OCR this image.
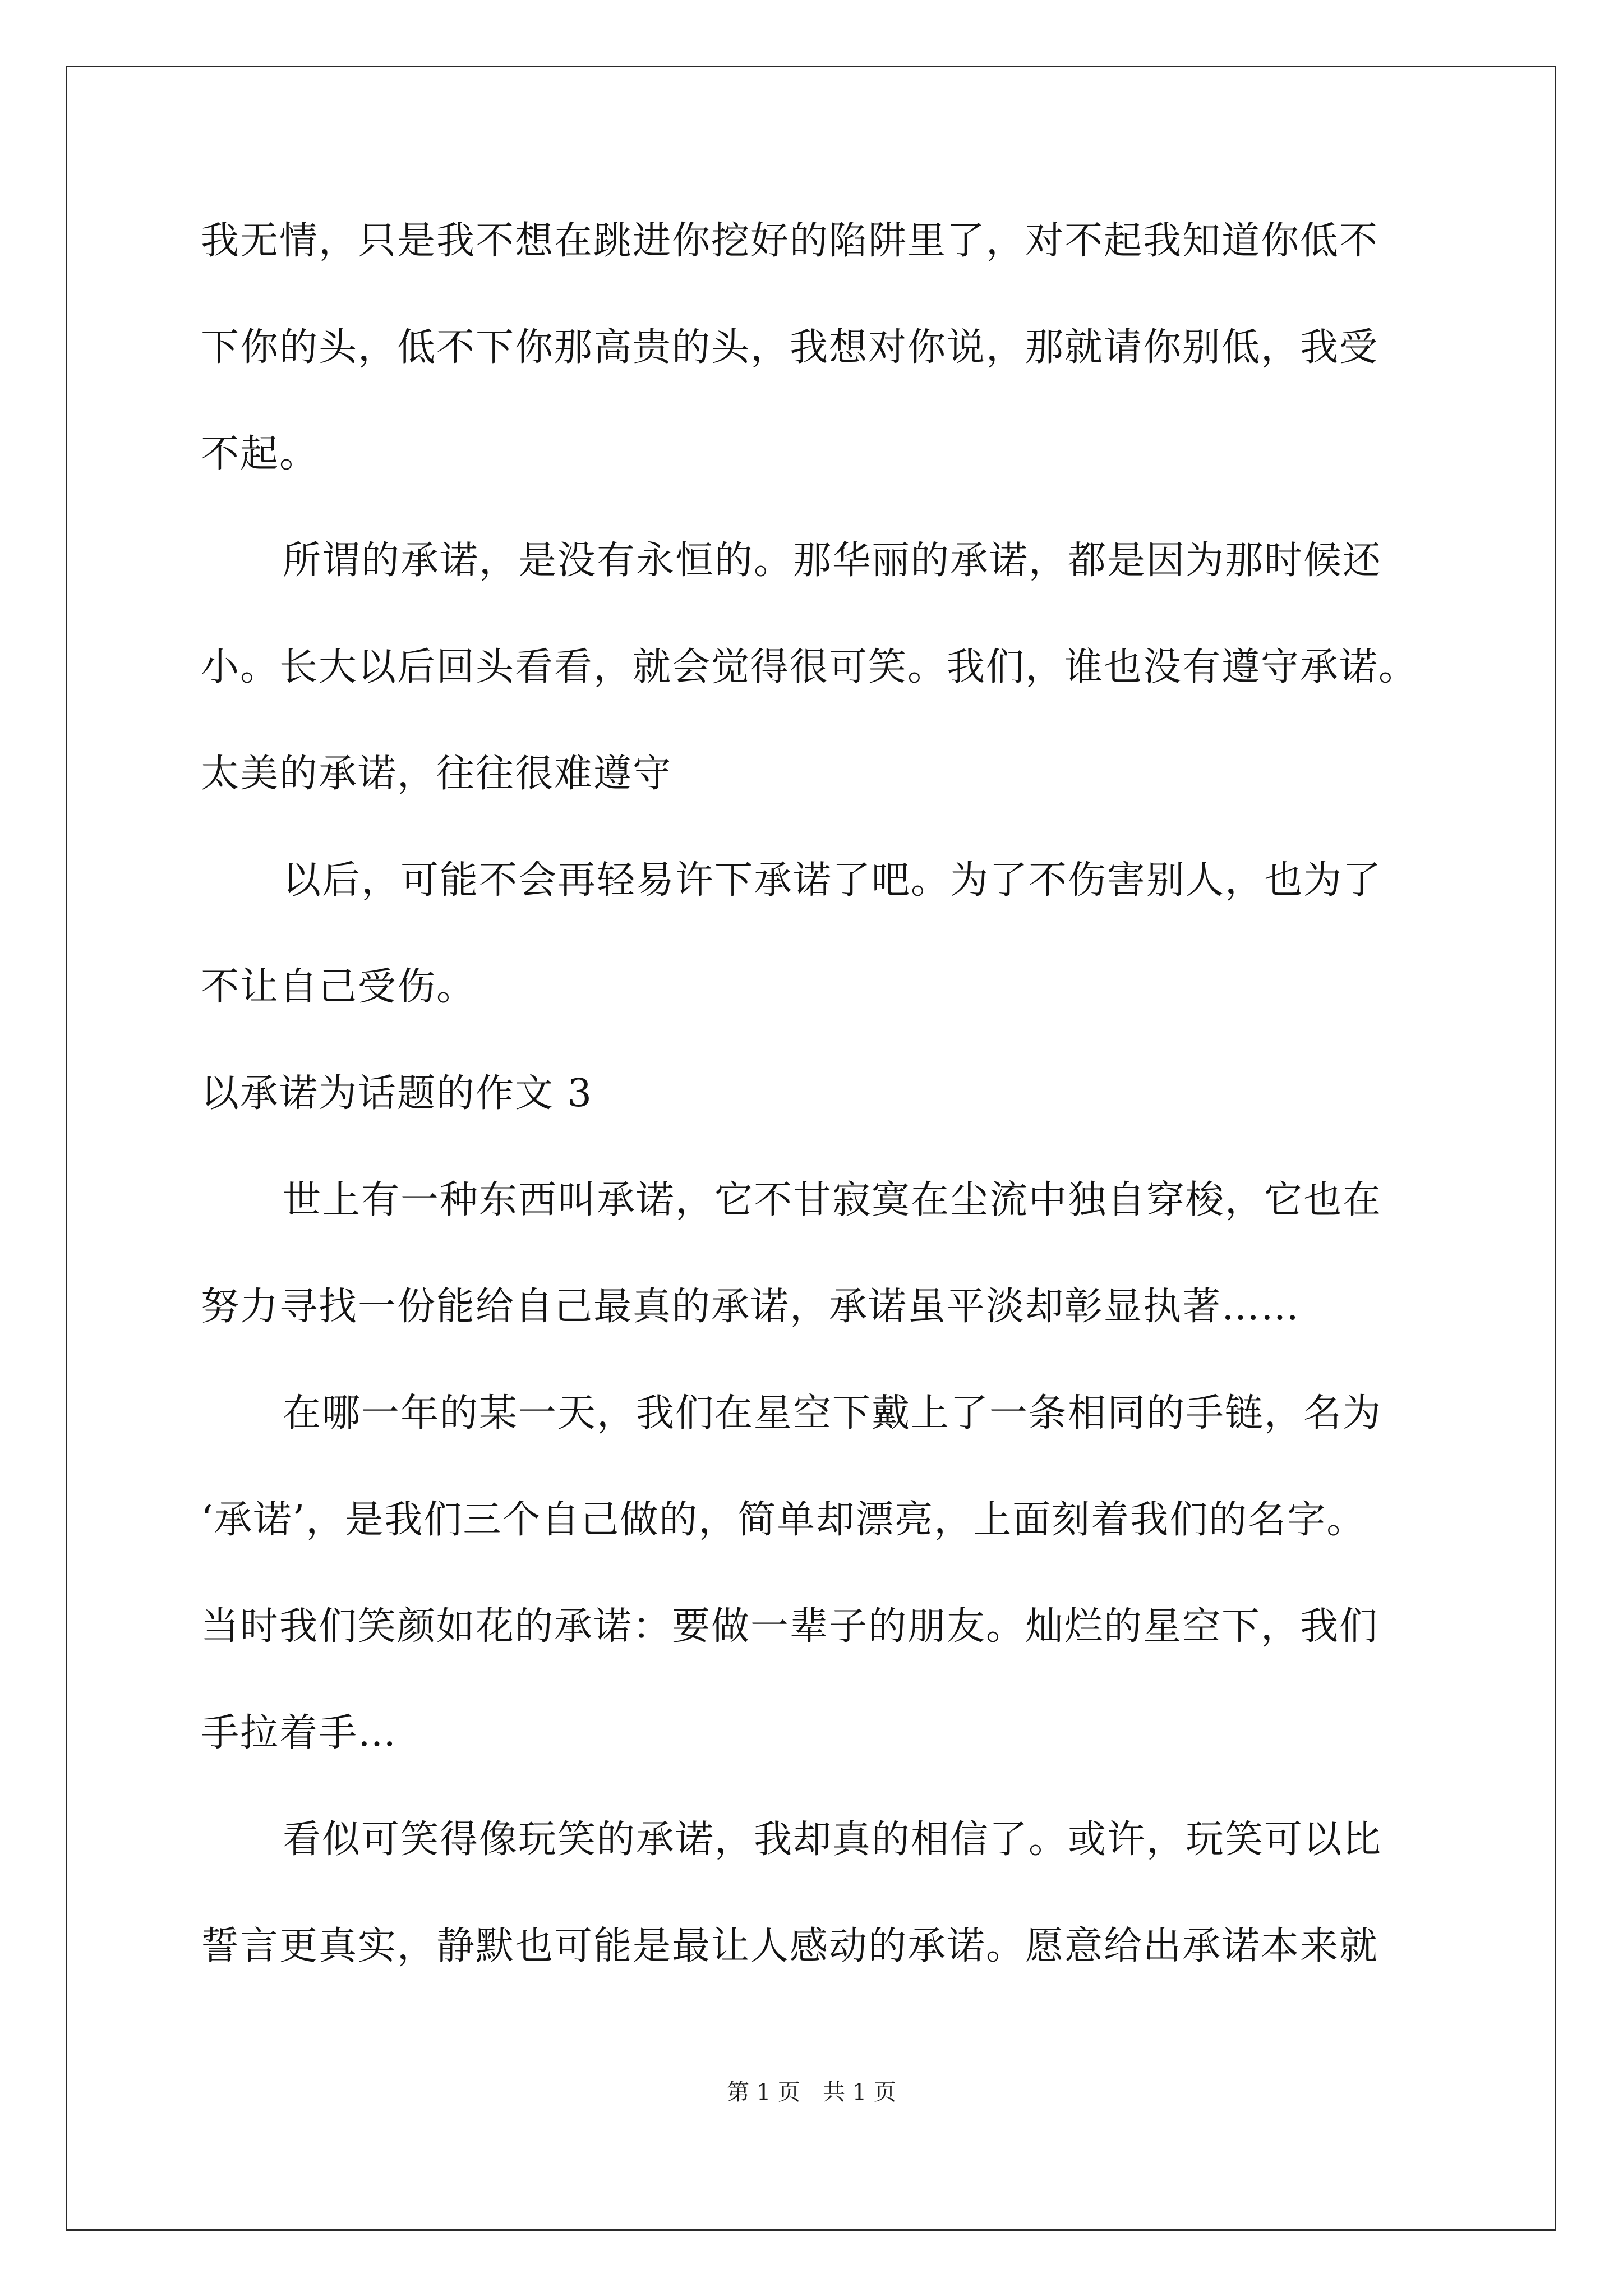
我无情，只是我不想在跳进你挖好的陷阱里了，对不起我知道你低不
下你的头，低不下你那高贵的头，我想对你说，那就请你别低，我受
不起。
所谓的承诺，是没有永恒的。那华丽的承诺，都是因为那时候还
小。长大以后回头看看，就会觉得很可笑。我们，谁也没有遵守承诺。
太美的承诺，往往很难遵守
以后，可能不会再轻易许下承诺了吧。为了不伤害别人，也为了
不让自己受伤。
以承诺为话题的作文 3
世上有一种东西叫承诺，它不甘寂寞在尘流中独自穿梭，它也在
努力寻找一份能给自己最真的承诺，承诺虽平淡却彰显执著……
在哪一年的某一天，我们在星空下戴上了一条相同的手链，名为
‘承诺’，是我们三个自己做的，简单却漂亮，上面刻着我们的名字。
当时我们笑颜如花的承诺：要做一辈子的朋友。灿烂的星空下，我们
手拉着手…
看似可笑得像玩笑的承诺，我却真的相信了。或许，玩笑可以比
誓言更真实，静默也可能是最让人感动的承诺。愿意给出承诺本来就
第 1 页　共 1 页
